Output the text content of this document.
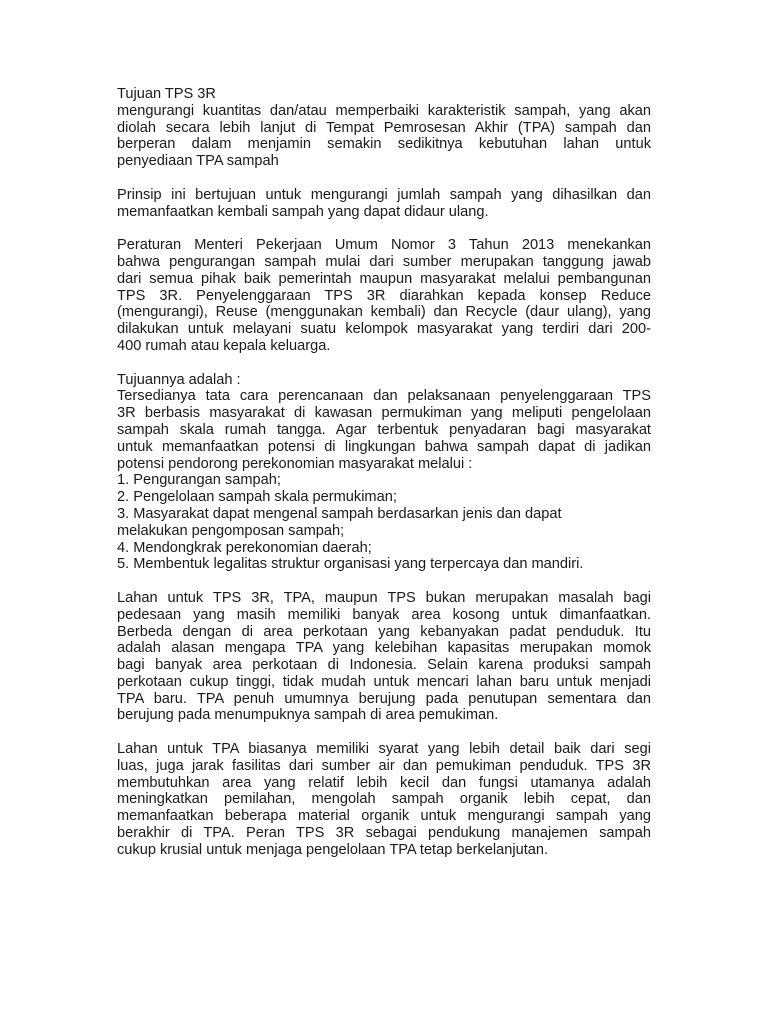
Tujuan TPS 3R
mengurangi kuantitas dan/atau memperbaiki karakteristik sampah, yang akan
diolah secara lebih lanjut di Tempat Pemrosesan Akhir (TPA) sampah dan
berperan dalam menjamin semakin sedikitnya kebutuhan lahan untuk
penyediaan TPA sampah
Prinsip ini bertujuan untuk mengurangi jumlah sampah yang dihasilkan dan
memanfaatkan kembali sampah yang dapat didaur ulang.
Peraturan Menteri Pekerjaan Umum Nomor 3 Tahun 2013 menekankan
bahwa pengurangan sampah mulai dari sumber merupakan tanggung jawab
dari semua pihak baik pemerintah maupun masyarakat melalui pembangunan
TPS 3R. Penyelenggaraan TPS 3R diarahkan kepada konsep Reduce
(mengurangi), Reuse (menggunakan kembali) dan Recycle (daur ulang), yang
dilakukan untuk melayani suatu kelompok masyarakat yang terdiri dari 200-
400 rumah atau kepala keluarga.
Tujuannya adalah :
Tersedianya tata cara perencanaan dan pelaksanaan penyelenggaraan TPS
3R berbasis masyarakat di kawasan permukiman yang meliputi pengelolaan
sampah skala rumah tangga. Agar terbentuk penyadaran bagi masyarakat
untuk memanfaatkan potensi di lingkungan bahwa sampah dapat di jadikan
potensi pendorong perekonomian masyarakat melalui :
1. Pengurangan sampah;
2. Pengelolaan sampah skala permukiman;
3. Masyarakat dapat mengenal sampah berdasarkan jenis dan dapat
melakukan pengomposan sampah;
4. Mendongkrak perekonomian daerah;
5. Membentuk legalitas struktur organisasi yang terpercaya dan mandiri.
Lahan untuk TPS 3R, TPA, maupun TPS bukan merupakan masalah bagi
pedesaan yang masih memiliki banyak area kosong untuk dimanfaatkan.
Berbeda dengan di area perkotaan yang kebanyakan padat penduduk. Itu
adalah alasan mengapa TPA yang kelebihan kapasitas merupakan momok
bagi banyak area perkotaan di Indonesia. Selain karena produksi sampah
perkotaan cukup tinggi, tidak mudah untuk mencari lahan baru untuk menjadi
TPA baru. TPA penuh umumnya berujung pada penutupan sementara dan
berujung pada menumpuknya sampah di area pemukiman.
Lahan untuk TPA biasanya memiliki syarat yang lebih detail baik dari segi
luas, juga jarak fasilitas dari sumber air dan pemukiman penduduk. TPS 3R
membutuhkan area yang relatif lebih kecil dan fungsi utamanya adalah
meningkatkan pemilahan, mengolah sampah organik lebih cepat, dan
memanfaatkan beberapa material organik untuk mengurangi sampah yang
berakhir di TPA. Peran TPS 3R sebagai pendukung manajemen sampah
cukup krusial untuk menjaga pengelolaan TPA tetap berkelanjutan.
